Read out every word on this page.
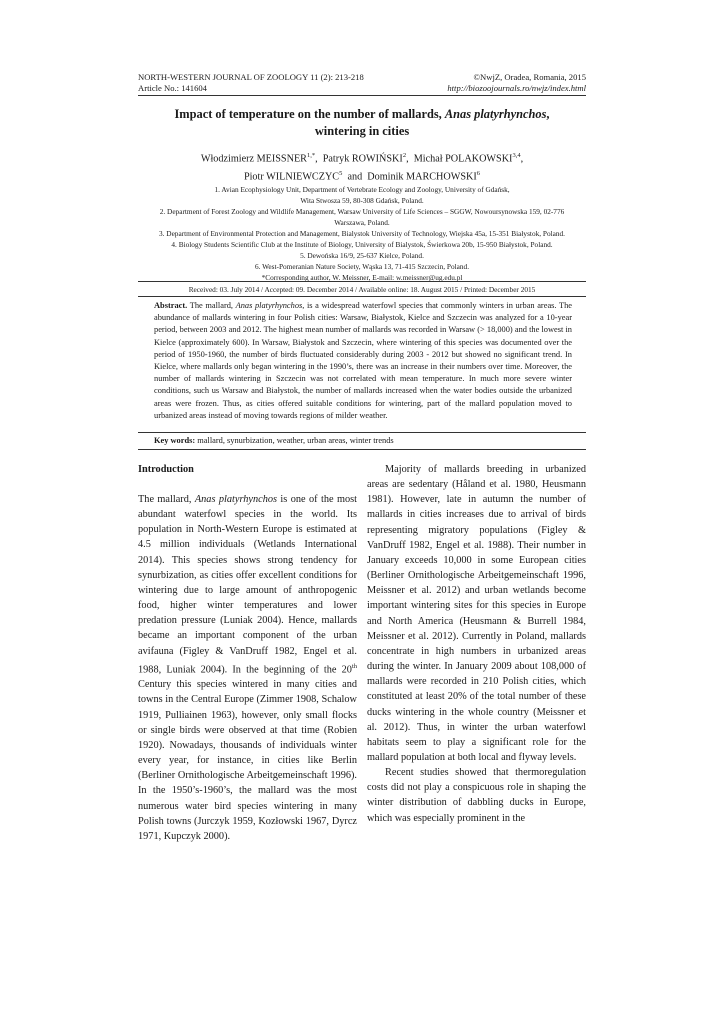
NORTH-WESTERN JOURNAL OF ZOOLOGY 11 (2): 213-218
Article No.: 141604
©NwjZ, Oradea, Romania, 2015
http://biozoojournals.ro/nwjz/index.html
Impact of temperature on the number of mallards, Anas platyrhynchos,
wintering in cities
Włodzimierz $MEISSNER^{1,*}$,  Patryk ROWIŃSKI$^2$,  Michał POLAKOWSKI$^{3,4}$,
Piotr WILNIEWCZYC$^5$ and Dominik MARCHOWSKI$^6$
1. Avian Ecophysiology Unit, Department of Vertebrate Ecology and Zoology, University of Gdańsk,
Wita Stwosza 59, 80-308 Gdańsk, Poland.
2. Department of Forest Zoology and Wildlife Management, Warsaw University of Life Sciences – SGGW, Nowoursynowska 159, 02-776
Warszawa, Poland.
3. Department of Environmental Protection and Management, Bialystok University of Technology, Wiejska 45a, 15-351 Białystok, Poland.
4. Biology Students Scientific Club at the Institute of Biology, University of Bialystok, Świerkowa 20b, 15-950 Białystok, Poland.
5. Dewońska 16/9, 25-637 Kielce, Poland.
6. West-Pomeranian Nature Society, Wąska 13, 71-415 Szczecin, Poland.
*Corresponding author, W. Meissner, E-mail: w.meissner@ug.edu.pl
Received: 03. July 2014 / Accepted: 09. December 2014 / Available online: 18. August 2015 / Printed: December 2015
Abstract. The mallard, Anas platyrhynchos, is a widespread waterfowl species that commonly winters in urban areas. The abundance of mallards wintering in four Polish cities: Warsaw, Białystok, Kielce and Szczecin was analyzed for a 10-year period, between 2003 and 2012. The highest mean number of mallards was recorded in Warsaw (> 18,000) and the lowest in Kielce (approximately 600). In Warsaw, Białystok and Szczecin, where wintering of this species was documented over the period of 1950-1960, the number of birds fluctuated considerably during 2003 - 2012 but showed no significant trend. In Kielce, where mallards only began wintering in the 1990’s, there was an increase in their numbers over time. Moreover, the number of mallards wintering in Szczecin was not correlated with mean temperature. In much more severe winter conditions, such us Warsaw and Białystok, the number of mallards increased when the water bodies outside the urbanized areas were frozen. Thus, as cities offered suitable conditions for wintering, part of the mallard population moved to urbanized areas instead of moving towards regions of milder weather.
Key words: mallard, synurbization, weather, urban areas, winter trends
Introduction

The mallard, Anas platyrhynchos is one of the most abundant waterfowl species in the world. Its population in North-Western Europe is estimated at 4.5 million individuals (Wetlands International 2014). This species shows strong tendency for synurbization, as cities offer excellent conditions for wintering due to large amount of anthropogenic food, higher winter temperatures and lower predation pressure (Luniak 2004). Hence, mallards became an important component of the urban avifauna (Figley & VanDruff 1982, Engel et al. 1988, Luniak 2004). In the beginning of the 20th Century this species wintered in many cities and towns in the Central Europe (Zimmer 1908, Schalow 1919, Pulliainen 1963), however, only small flocks or single birds were observed at that time (Robien 1920). Nowadays, thousands of individuals winter every year, for instance, in cities like Berlin (Berliner Ornithologische Arbeitgemeinschaft 1996). In the 1950’s-1960’s, the mallard was the most numerous water bird species wintering in many Polish towns (Jurczyk 1959, Kozłowski 1967, Dyrcz 1971, Kupczyk 2000).

Majority of mallards breeding in urbanized areas are sedentary (Håland et al. 1980, Heusmann 1981). However, late in autumn the number of mallards in cities increases due to arrival of birds representing migratory populations (Figley & VanDruff 1982, Engel et al. 1988). Their number in January exceeds 10,000 in some European cities (Berliner Ornithologische Arbeitgemeinschaft 1996, Meissner et al. 2012) and urban wetlands become important wintering sites for this species in Europe and North America (Heusmann & Burrell 1984, Meissner et al. 2012). Currently in Poland, mallards concentrate in high numbers in urbanized areas during the winter. In January 2009 about 108,000 of mallards were recorded in 210 Polish cities, which constituted at least 20% of the total number of these ducks wintering in the whole country (Meissner et al. 2012). Thus, in winter the urban waterfowl habitats seem to play a significant role for the mallard population at both local and flyway levels.

Recent studies showed that thermoregulation costs did not play a conspicuous role in shaping the winter distribution of dabbling ducks in Europe, which was especially prominent in the
